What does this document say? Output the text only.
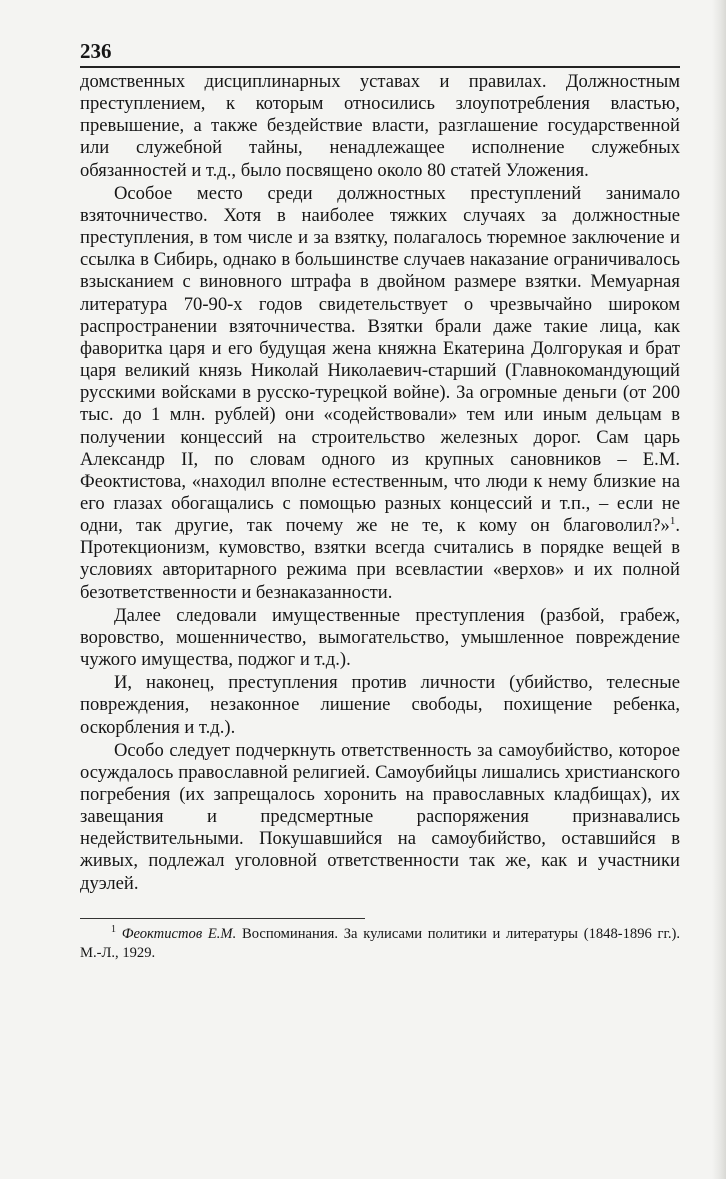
236

домственных дисциплинарных уставах и правилах. Должностным преступлением, к которым относились злоупотребления властью, превышение, а также бездействие власти, разглашение государственной или служебной тайны, ненадлежащее исполнение служебных обязанностей и т.д., было посвящено около 80 статей Уложения.

Особое место среди должностных преступлений занимало взяточничество. Хотя в наиболее тяжких случаях за должностные преступления, в том числе и за взятку, полагалось тюремное заключение и ссылка в Сибирь, однако в большинстве случаев наказание ограничивалось взысканием с виновного штрафа в двойном размере взятки. Мемуарная литература 70-90-х годов свидетельствует о чрезвычайно широком распространении взяточничества. Взятки брали даже такие лица, как фаворитка царя и его будущая жена княжна Екатерина Долгорукая и брат царя великий князь Николай Николаевич-старший (Главнокомандующий русскими войсками в русско-турецкой войне). За огромные деньги (от 200 тыс. до 1 млн. рублей) они «содействовали» тем или иным дельцам в получении концессий на строительство железных дорог. Сам царь Александр II, по словам одного из крупных сановников – Е.М. Феоктистова, «находил вполне естественным, что люди к нему близкие на его глазах обогащались с помощью разных концессий и т.п., – если не одни, так другие, так почему же не те, к кому он благоволил?»$^1$. Протекционизм, кумовство, взятки всегда считались в порядке вещей в условиях авторитарного режима при всевластии «верхов» и их полной безответственности и безнаказанности.

Далее следовали имущественные преступления (разбой, грабеж, воровство, мошенничество, вымогательство, умышленное повреждение чужого имущества, поджог и т.д.).

И, наконец, преступления против личности (убийство, телесные повреждения, незаконное лишение свободы, похищение ребенка, оскорбления и т.д.).

Особо следует подчеркнуть ответственность за самоубийство, которое осуждалось православной религией. Самоубийцы лишались христианского погребения (их запрещалось хоронить на православных кладбищах), их завещания и предсмертные распоряжения признавались недействительными. Покушавшийся на самоубийство, оставшийся в живых, подлежал уголовной ответственности так же, как и участники дуэлей.

$^1$ Феоктистов Е.М. Воспоминания. За кулисами политики и литературы (1848-1896 гг.). М.-Л., 1929.
